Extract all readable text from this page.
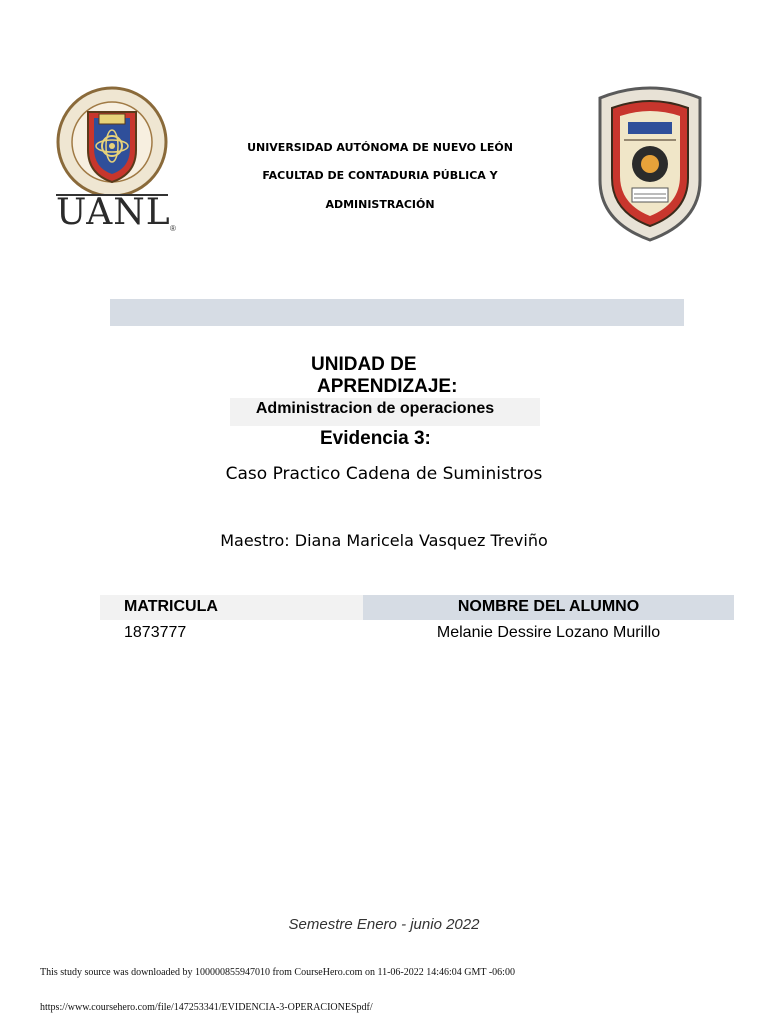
UANL ®
UNIVERSIDAD AUTÓNOMA DE NUEVO LEÓN
FACULTAD DE CONTADURIA PÚBLICA Y
ADMINISTRACIÓN
UNIDAD DE
APRENDIZAJE:
Administracion de operaciones
Evidencia 3:
Caso Practico Cadena de Suministros
Maestro: Diana Maricela Vasquez Treviño
MATRICULA	NOMBRE DEL ALUMNO
1873777	Melanie Dessire Lozano Murillo
Semestre Enero - junio 2022
This study source was downloaded by 100000855947010 from CourseHero.com on 11-06-2022 14:46:04 GMT -06:00
https://www.coursehero.com/file/147253341/EVIDENCIA-3-OPERACIONESpdf/
